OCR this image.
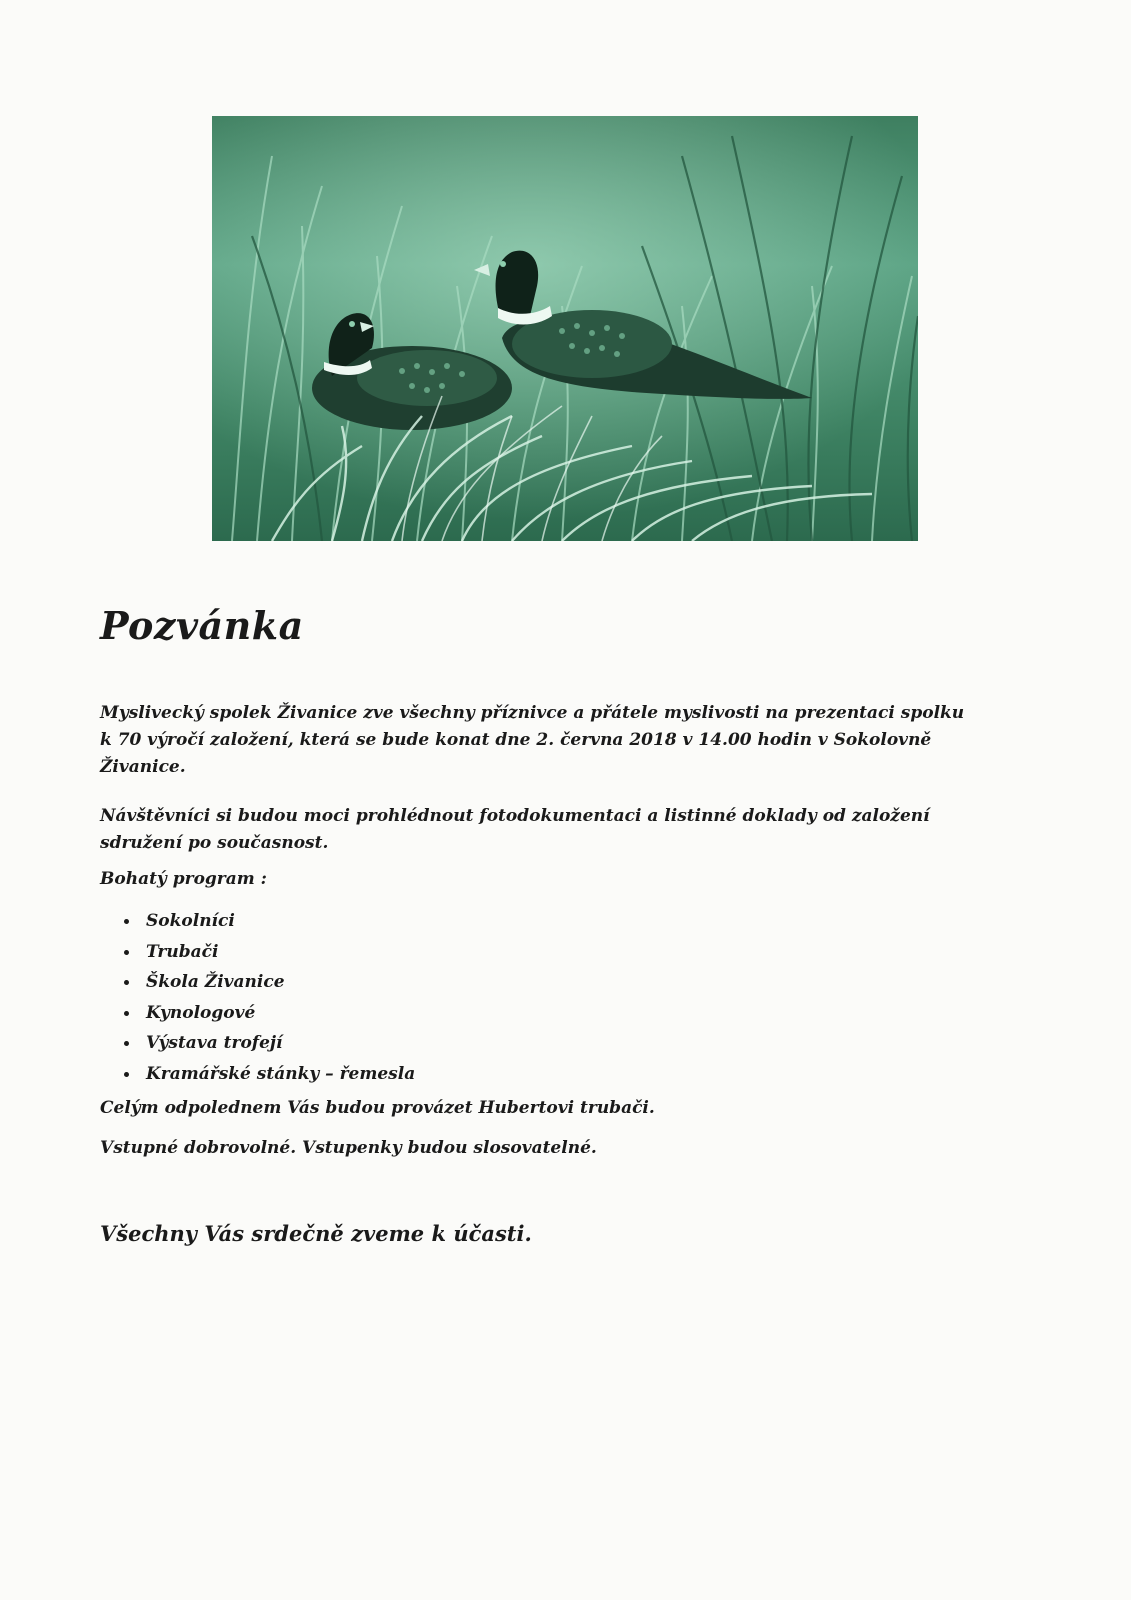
Pozvánka

Myslivecký spolek Živanice zve všechny příznivce a přátele myslivosti na prezentaci spolku k 70 výročí založení, která se bude konat dne 2. června 2018 v 14.00 hodin v Sokolovně Živanice.

Návštěvníci si budou moci prohlédnout fotodokumentaci a listinné doklady od založení sdružení po současnost.

Bohatý program :

Sokolníci
Trubači
Škola Živanice
Kynologové
Výstava trofejí
Kramářské stánky – řemesla

Celým odpolednem Vás budou provázet Hubertovi trubači.

Vstupné dobrovolné. Vstupenky budou slosovatelné.

Všechny Vás srdečně zveme k účasti.
